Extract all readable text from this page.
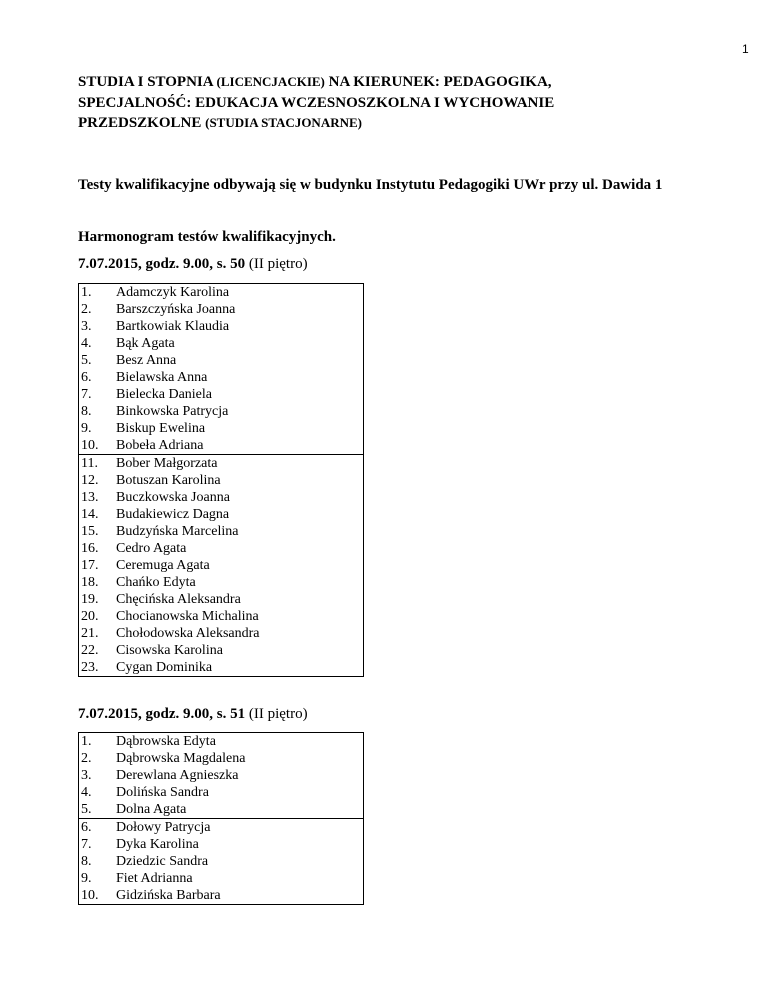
1
STUDIA I STOPNIA (LICENCJACKIE) NA KIERUNEK: PEDAGOGIKA,
SPECJALNOŚĆ: EDUKACJA WCZESNOSZKOLNA I WYCHOWANIE
PRZEDSZKOLNE (STUDIA STACJONARNE)
Testy kwalifikacyjne odbywają się w budynku Instytutu Pedagogiki UWr przy ul. Dawida 1
Harmonogram testów kwalifikacyjnych.
7.07.2015, godz. 9.00, s. 50 (II piętro)
1.	Adamczyk Karolina
2.	Barszczyńska Joanna
3.	Bartkowiak Klaudia
4.	Bąk Agata
5.	Besz Anna
6.	Bielawska Anna
7.	Bielecka Daniela
8.	Binkowska Patrycja
9.	Biskup Ewelina
10.	Bobeła Adriana
11.	Bober Małgorzata
12.	Botuszan Karolina
13.	Buczkowska Joanna
14.	Budakiewicz Dagna
15.	Budzyńska Marcelina
16.	Cedro Agata
17.	Ceremuga Agata
18.	Chańko Edyta
19.	Chęcińska Aleksandra
20.	Chocianowska Michalina
21.	Chołodowska Aleksandra
22.	Cisowska Karolina
23.	Cygan Dominika
7.07.2015, godz. 9.00, s. 51 (II piętro)
1.	Dąbrowska Edyta
2.	Dąbrowska Magdalena
3.	Derewlana Agnieszka
4.	Dolińska Sandra
5.	Dolna Agata
6.	Dołowy Patrycja
7.	Dyka Karolina
8.	Dziedzic Sandra
9.	Fiet Adrianna
10.	Gidzińska Barbara
